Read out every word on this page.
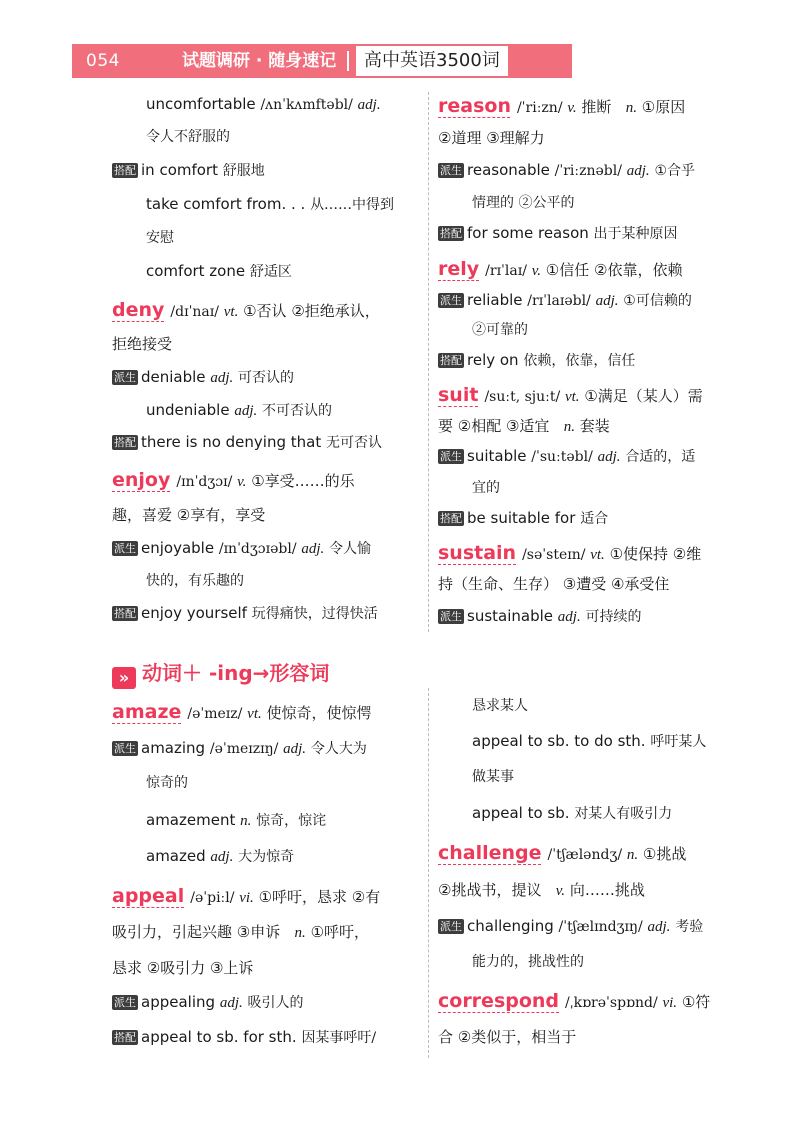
054	试题调研 · 随身速记	高中英语3500词
uncomfortable /ʌnˈkʌmftəbl/ adj.
令人不舒服的
搭配 in comfort 舒服地
take comfort from. . . 从……中得到
安慰
comfort zone 舒适区
deny /dɪˈnaɪ/ vt. ①否认 ②拒绝承认，
拒绝接受
派生 deniable adj. 可否认的
undeniable adj. 不可否认的
搭配 there is no denying that 无可否认
enjoy /ɪnˈdʒɔɪ/ v. ①享受……的乐
趣，喜爱 ②享有，享受
派生 enjoyable /ɪnˈdʒɔɪəbl/ adj. 令人愉
快的，有乐趣的
搭配 enjoy yourself 玩得痛快，过得快活
reason /ˈriːzn/ v. 推断 n. ①原因
②道理 ③理解力
派生 reasonable /ˈriːznəbl/ adj. ①合乎
情理的 ②公平的
搭配 for some reason 出于某种原因
rely /rɪˈlaɪ/ v. ①信任 ②依靠，依赖
派生 reliable /rɪˈlaɪəbl/ adj. ①可信赖的
②可靠的
搭配 rely on 依赖，依靠，信任
suit /suːt, sjuːt/ vt. ①满足（某人）需
要 ②相配 ③适宜 n. 套装
派生 suitable /ˈsuːtəbl/ adj. 合适的，适
宜的
搭配 be suitable for 适合
sustain /səˈsteɪn/ vt. ①使保持 ②维
持（生命、生存） ③遭受 ④承受住
派生 sustainable adj. 可持续的
» 动词＋ -ing→形容词
amaze /əˈmeɪz/ vt. 使惊奇，使惊愕
派生 amazing /əˈmeɪzɪŋ/ adj. 令人大为
惊奇的
amazement n. 惊奇，惊诧
amazed adj. 大为惊奇
appeal /əˈpiːl/ vi. ①呼吁，恳求 ②有
吸引力，引起兴趣 ③申诉 n. ①呼吁，
恳求 ②吸引力 ③上诉
派生 appealing adj. 吸引人的
搭配 appeal to sb. for sth. 因某事呼吁/
恳求某人
appeal to sb. to do sth. 呼吁某人
做某事
appeal to sb. 对某人有吸引力
challenge /ˈtʃæləndʒ/ n. ①挑战
②挑战书，提议 v. 向……挑战
派生 challenging /ˈtʃælɪndʒɪŋ/ adj. 考验
能力的，挑战性的
correspond /ˌkɒrəˈspɒnd/ vi. ①符
合 ②类似于，相当于
